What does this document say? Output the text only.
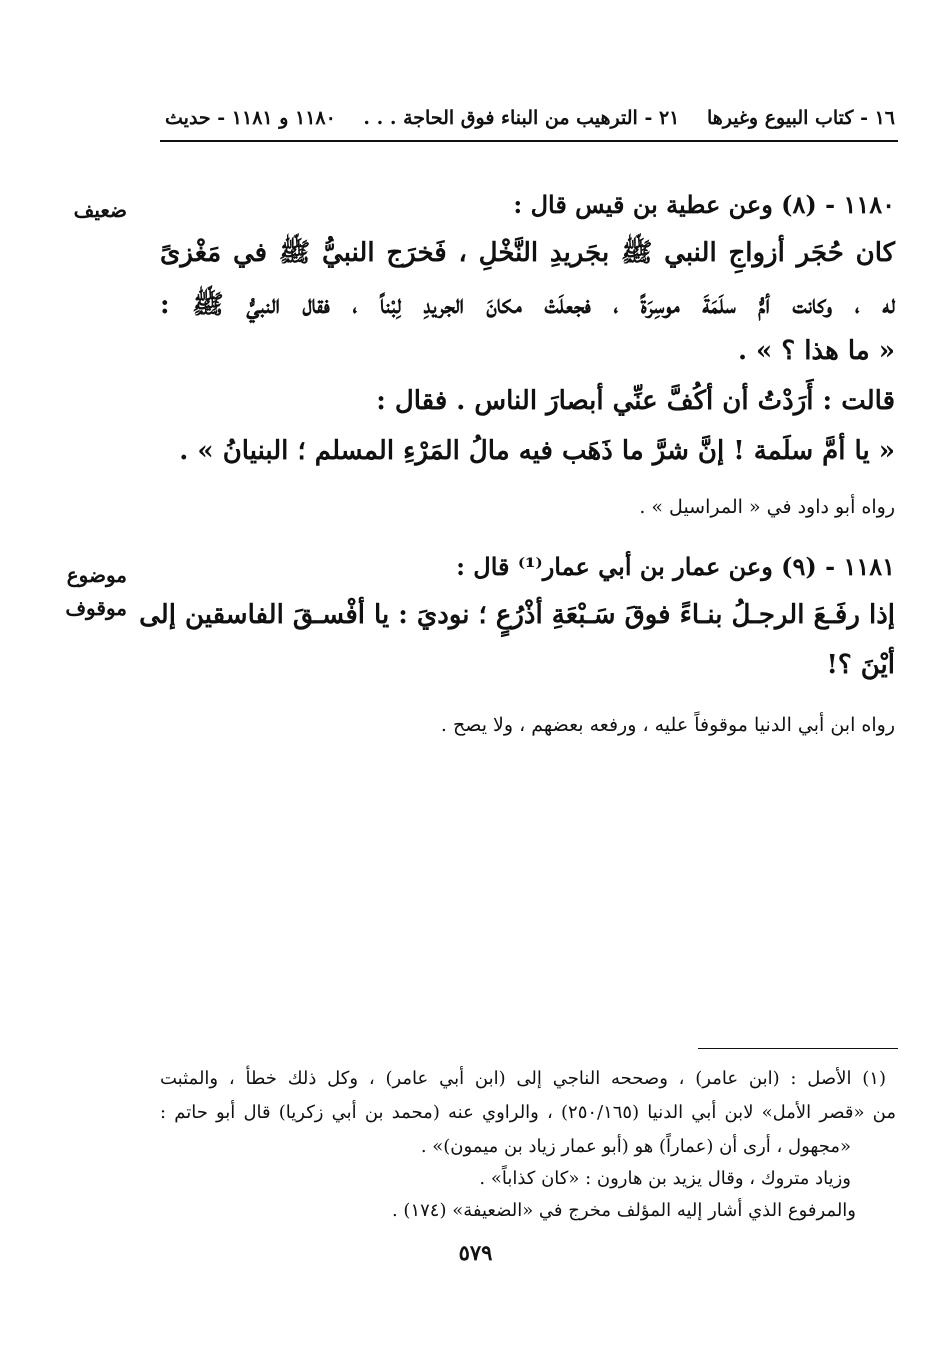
١٦ - كتاب البيوع وغيرها
٢١ - الترهيب من البناء فوق الحاجة . . .
١١٨٠ و ١١٨١ - حديث
ضعيف	١١٨٠ - (٨) وعن عطية بن قيس قال :
كان حُجَر أزواجِ النبي ﷺ بجَريدِ النَّخْلِ ، فَخرَج النبيُّ ﷺ في مَغْزىً
له ، وكانت أمُّ سلَمَةَ موسِرَةً ، فجعلَتْ مكانَ الجريدِ لِبْناً ، فقال النبيُّ ﷺ :
« ما هذا ؟ » .
قالت : أَرَدْتُ أن أكُفَّ عنِّي أبصارَ الناس . فقال :
« يا أمَّ سلَمة ! إنَّ شرَّ ما ذَهَب فيه مالُ المَرْءِ المسلم ؛ البنيانُ » .
رواه أبو داود في « المراسيل » .
موضوع
موقوف
١١٨١ - (٩) وعن عمار بن أبي عمار⁽¹⁾ قال :
إذا رفَـعَ الرجـلُ بنـاءً فوقَ سَـبْعَةِ أذْرُعٍ ؛ نوديَ : يا أفْسـقَ الفاسقين إلى
أيْنَ ؟!
رواه ابن أبي الدنيا موقوفاً عليه ، ورفعه بعضهم ، ولا يصح .
(١) الأصل : (ابن عامر) ، وصححه الناجي إلى (ابن أبي عامر) ، وكل ذلك خطأ ، والمثبت
من «قصر الأمل» لابن أبي الدنيا (٢٥٠/١٦٥) ، والراوي عنه (محمد بن أبي زكريا) قال أبو حاتم :
«مجهول ، أرى أن (عماراً) هو (أبو عمار زياد بن ميمون)» .
وزياد متروك ، وقال يزيد بن هارون : «كان كذاباً» .
والمرفوع الذي أشار إليه المؤلف مخرج في «الضعيفة» (١٧٤) .
٥٧٩
